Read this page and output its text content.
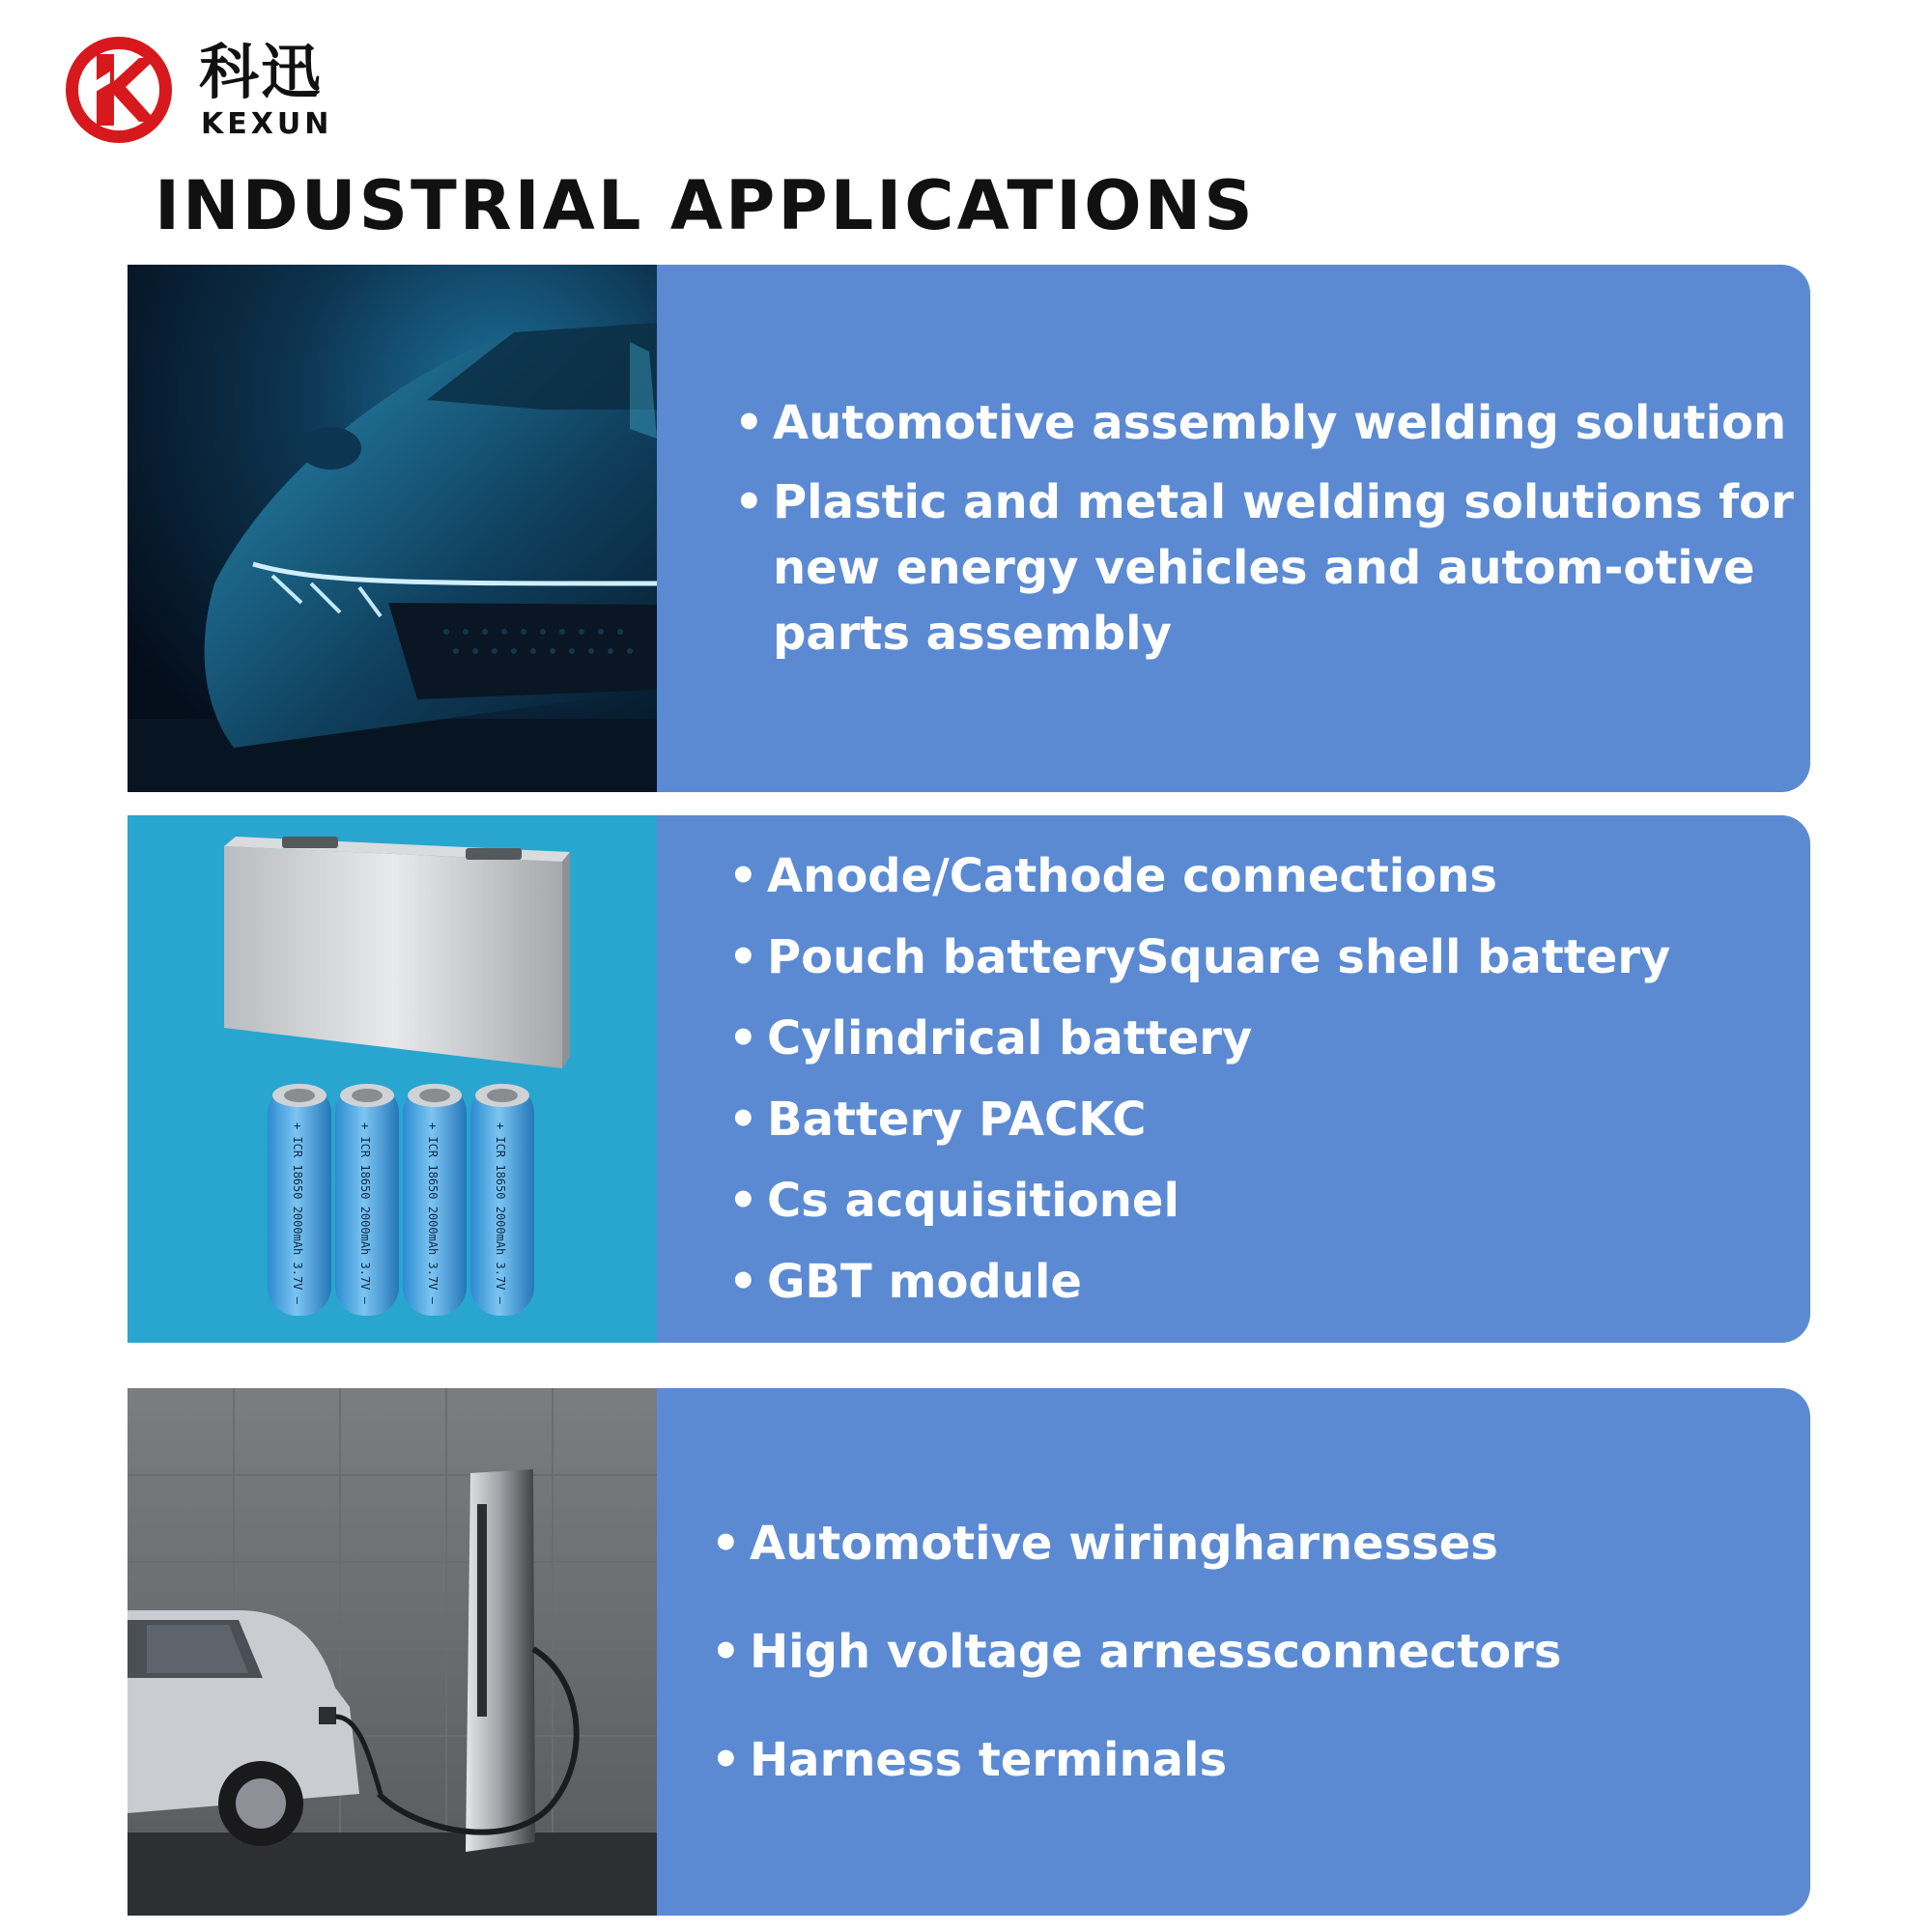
科迅
KEXUN
INDUSTRIAL APPLICATIONS
• Automotive assembly welding solution
• Plastic and metal welding solutions for new energy vehicles and autom-otive parts assembly
+ ICR 18650 2000mAh 3.7V –	+ ICR 18650 2000mAh 3.7V –	+ ICR 18650 2000mAh 3.7V –	+ ICR 18650 2000mAh 3.7V –
• Anode/Cathode connections
• Pouch batterySquare shell battery
• Cylindrical battery
• Battery PACKC
• Cs acquisitionel
• GBT module
• Automotive wiringharnesses
• High voltage arnessconnectors
• Harness terminals
